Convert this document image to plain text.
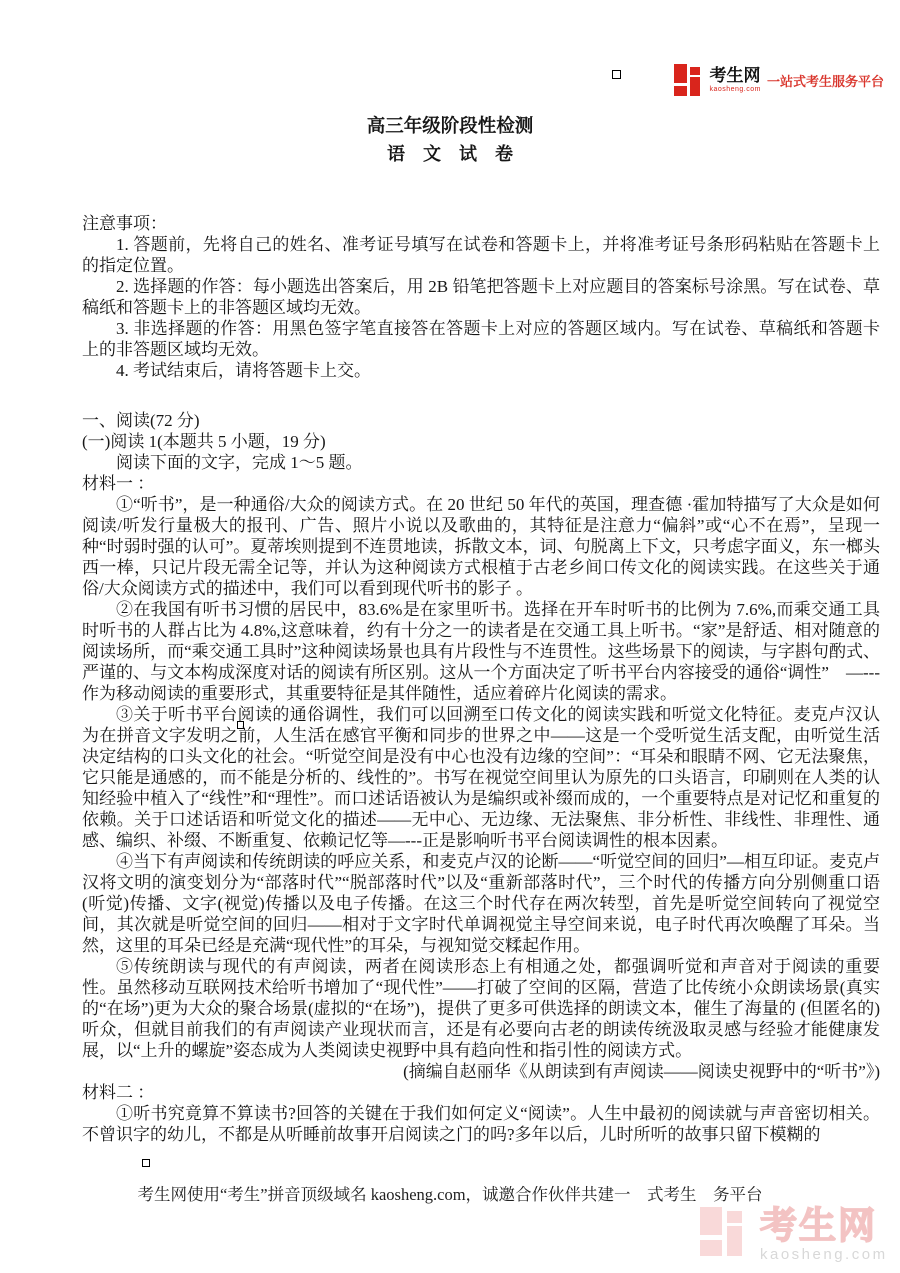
考生网
kaosheng.com
一站式考生服务平台
高三年级阶段性检测
语　文　试　卷

注意事项：

1. 答题前，先将自己的姓名、准考证号填写在试卷和答题卡上，并将准考证号条形码粘贴在答题卡上的指定位置。

2. 选择题的作答：每小题选出答案后，用 2B 铅笔把答题卡上对应题目的答案标号涂黑。写在试卷、草稿纸和答题卡上的非答题区域均无效。

3. 非选择题的作答：用黑色签字笔直接答在答题卡上对应的答题区域内。写在试卷、草稿纸和答题卡上的非答题区域均无效。

4. 考试结束后，请将答题卡上交。

一、阅读(72 分)

(一)阅读 1(本题共 5 小题，19 分)

阅读下面的文字，完成 1～5 题。

材料一 ：

①“听书”，是一种通俗/大众的阅读方式。在 20 世纪 50 年代的英国，理查德 ·霍加特描写了大众是如何阅读/听发行量极大的报刊、广告、照片小说以及歌曲的，其特征是注意力“偏斜”或“心不在焉”，呈现一种“时弱时强的认可”。夏蒂埃则提到不连贯地读，拆散文本，词、句脱离上下文，只考虑字面义，东一榔头西一棒，只记片段无需全记等，并认为这种阅读方式根植于古老乡间口传文化的阅读实践。在这些关于通俗/大众阅读方式的描述中，我们可以看到现代听书的影子 。

②在我国有听书习惯的居民中，83.6%是在家里听书。选择在开车时听书的比例为 7.6%,而乘交通工具时听书的人群占比为 4.8%,这意味着，约有十分之一的读者是在交通工具上听书。“家”是舒适、相对随意的阅读场所，而“乘交通工具时”这种阅读场景也具有片段性与不连贯性。这些场景下的阅读，与字斟句酌式、严谨的、与文本构成深度对话的阅读有所区别。这从一个方面决定了听书平台内容接受的通俗“调性”　—---作为移动阅读的重要形式，其重要特征是其伴随性，适应着碎片化阅读的需求。

③关于听书平台阅读的通俗调性，我们可以回溯至口传文化的阅读实践和听觉文化特征。麦克卢汉认为在拼音文字发明之前，人生活在感官平衡和同步的世界之中——这是一个受听觉生活支配，由听觉生活决定结构的口头文化的社会。“听觉空间是没有中心也没有边缘的空间”：“耳朵和眼睛不网、它无法聚焦，它只能是通感的，而不能是分析的、线性的”。书写在视觉空间里认为原先的口头语言，印刷则在人类的认知经验中植入了“线性”和“理性”。而口述话语被认为是编织或补缀而成的，一个重要特点是对记忆和重复的依赖。关于口述话语和听觉文化的描述——无中心、无边缘、无法聚焦、非分析性、非线性、非理性、通感、编织、补缀、不断重复、依赖记忆等—---正是影响听书平台阅读调性的根本因素。

④当下有声阅读和传统朗读的呼应关系，和麦克卢汉的论断——“听觉空间的回归”—相互印证。麦克卢汉将文明的演变划分为“部落时代”“脱部落时代”以及“重新部落时代”，三个时代的传播方向分别侧重口语(听觉)传播、文字(视觉)传播以及电子传播。在这三个时代存在两次转型，首先是听觉空间转向了视觉空间，其次就是听觉空间的回归——相对于文字时代单调视觉主导空间来说，电子时代再次唤醒了耳朵。当然，这里的耳朵已经是充满“现代性”的耳朵，与视知觉交糅起作用。

⑤传统朗读与现代的有声阅读，两者在阅读形态上有相通之处，都强调听觉和声音对于阅读的重要性。虽然移动互联网技术给听书增加了“现代性”——打破了空间的区隔，营造了比传统小众朗读场景(真实的“在场”)更为大众的聚合场景(虚拟的“在场”)，提供了更多可供选择的朗读文本，催生了海量的 (但匿名的)听众，但就目前我们的有声阅读产业现状而言，还是有必要向古老的朗读传统汲取灵感与经验才能健康发展，以“上升的螺旋”姿态成为人类阅读史视野中具有趋向性和指引性的阅读方式。

(摘编自赵丽华《从朗读到有声阅读——阅读史视野中的“听书”》)

材料二 ：

①听书究竟算不算读书?回答的关键在于我们如何定义“阅读”。人生中最初的阅读就与声音密切相关。不曾识字的幼儿，不都是从听睡前故事开启阅读之门的吗?多年以后，儿时所听的故事只留下模糊的

考生网使用“考生”拼音顶级域名 kaosheng.com，诚邀合作伙伴共建一　式考生　务平台
考生网
kaosheng.com
